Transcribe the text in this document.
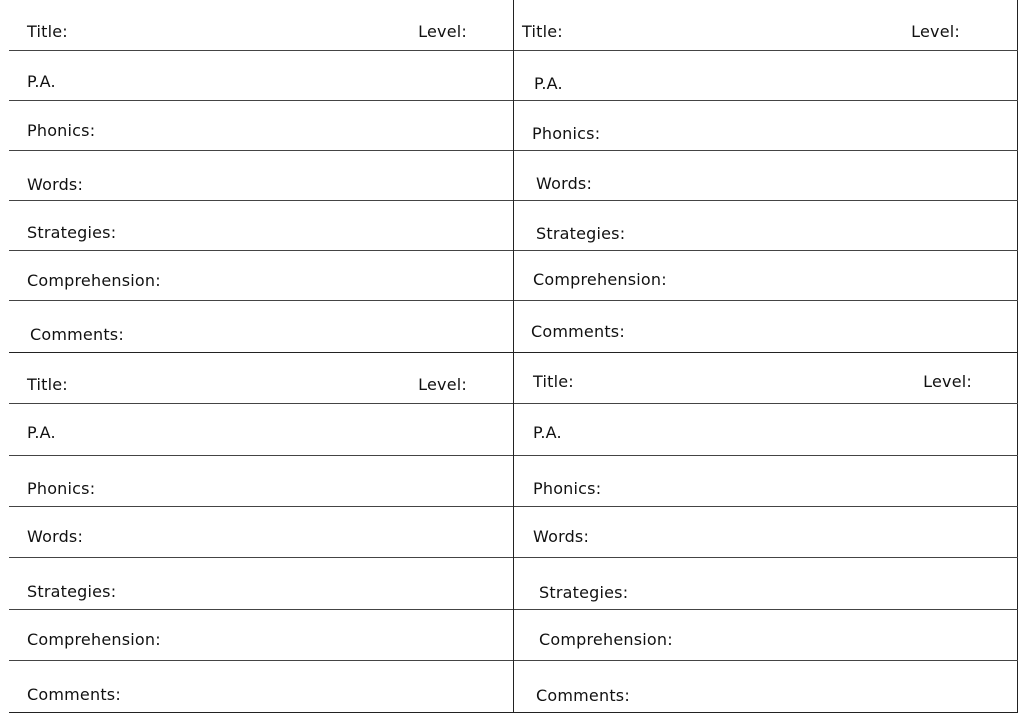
Title:	Level:
P.A.
Phonics:
Words:
Strategies:
Comprehension:
Comments:
Title:	Level:
P.A.
Phonics:
Words:
Strategies:
Comprehension:
Comments:
Title:	Level:
P.A.
Phonics:
Words:
Strategies:
Comprehension:
Comments:
Title:	Level:
P.A.
Phonics:
Words:
Strategies:
Comprehension:
Comments:
